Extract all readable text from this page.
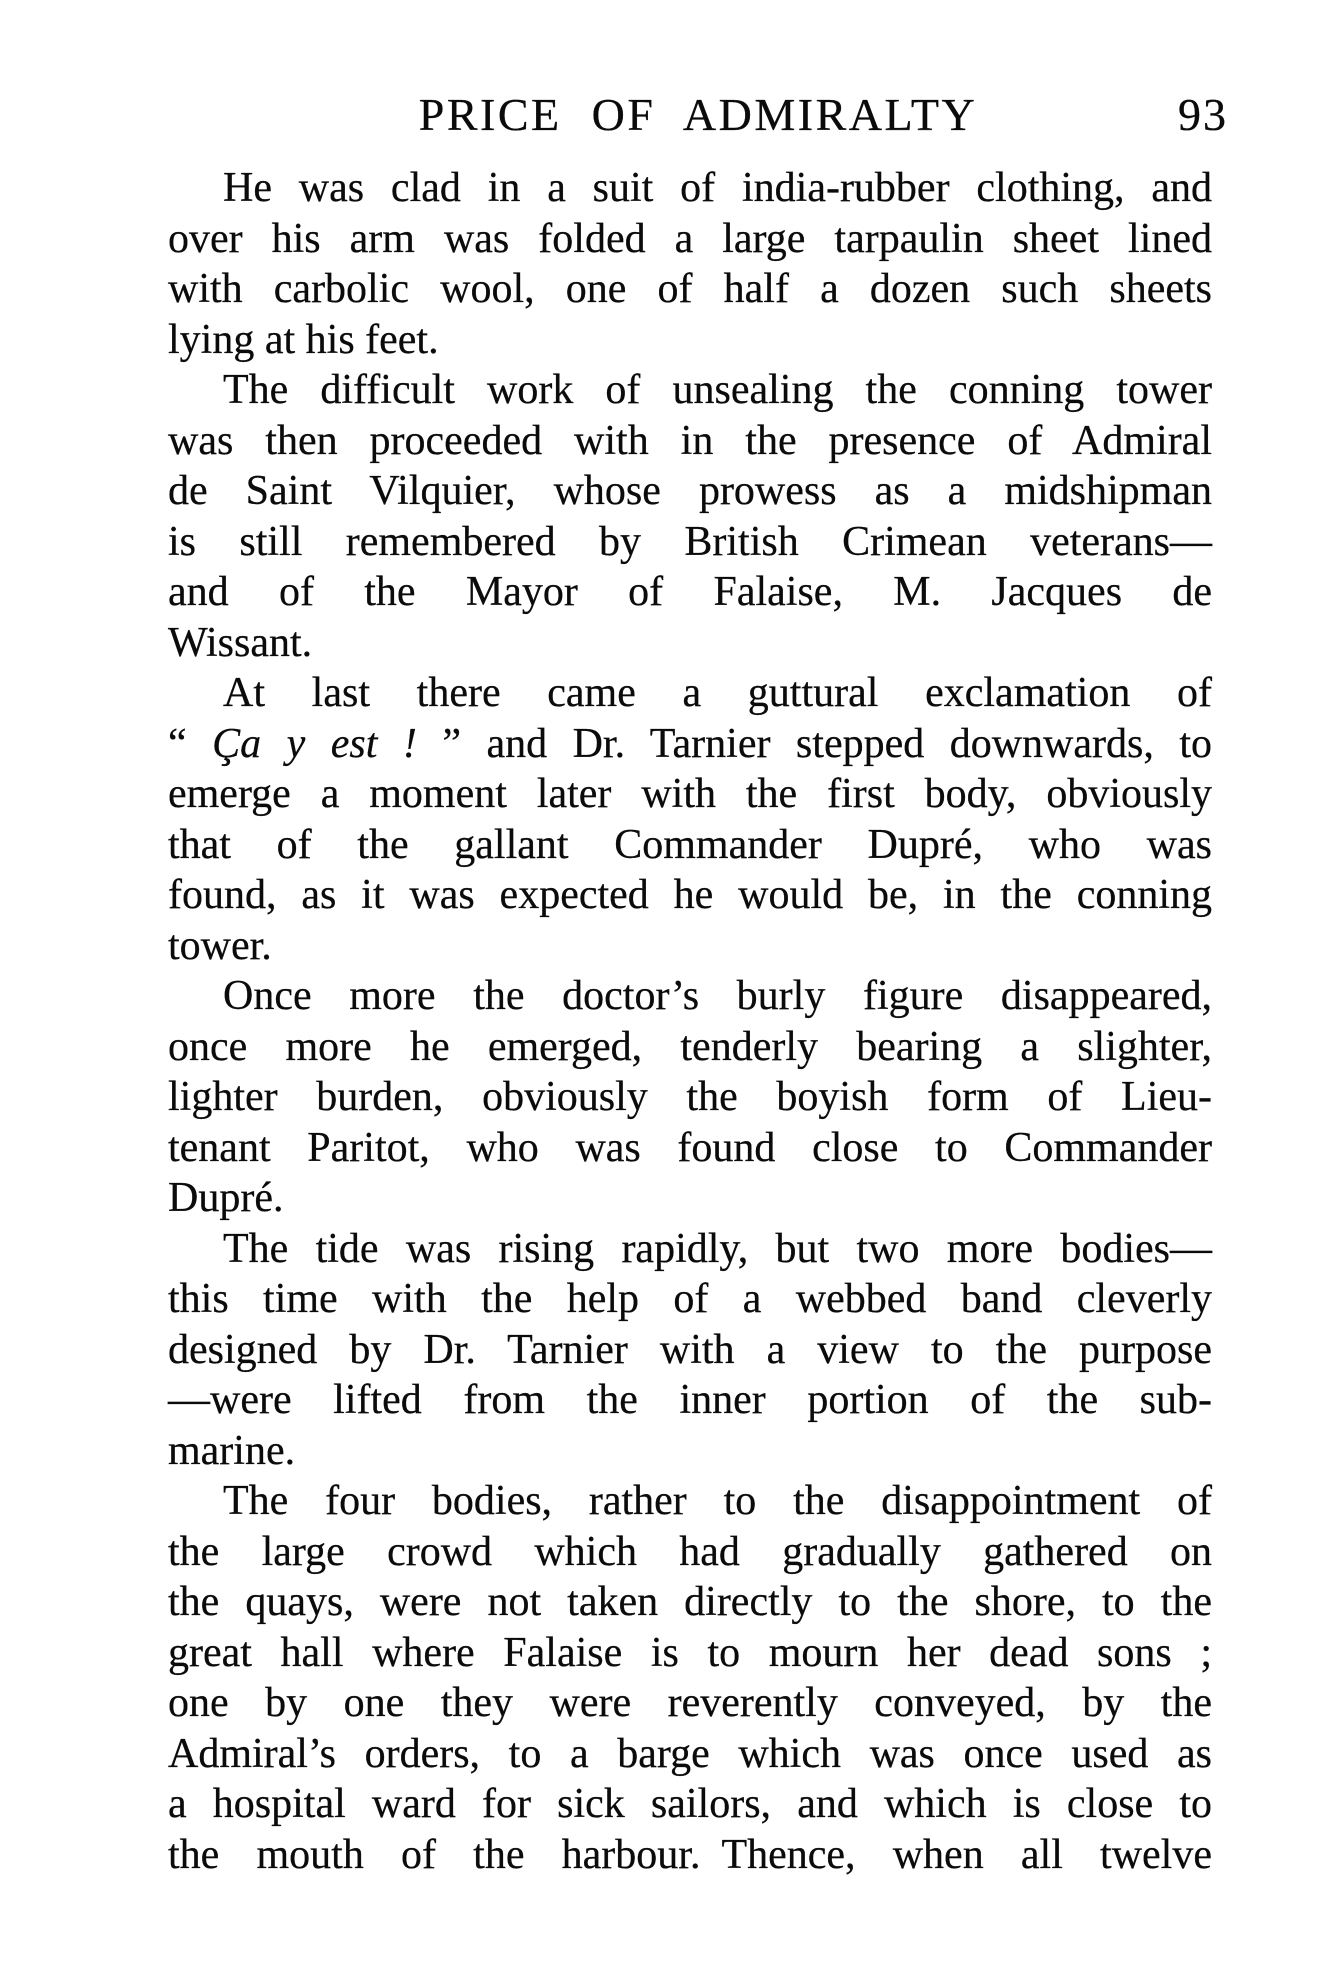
PRICE OF ADMIRALTY	93
He was clad in a suit of india-rubber clothing, and
over his arm was folded a large tarpaulin sheet lined
with carbolic wool, one of half a dozen such sheets
lying at his feet.
The difficult work of unsealing the conning tower
was then proceeded with in the presence of Admiral
de Saint Vilquier, whose prowess as a midshipman
is still remembered by British Crimean veterans—
and of the Mayor of Falaise, M. Jacques de
Wissant.
At last there came a guttural exclamation of
“ Ça y est ! ” and Dr. Tarnier stepped downwards, to
emerge a moment later with the first body, obviously
that of the gallant Commander Dupré, who was
found, as it was expected he would be, in the conning
tower.
Once more the doctor’s burly figure disappeared,
once more he emerged, tenderly bearing a slighter,
lighter burden, obviously the boyish form of Lieu-
tenant Paritot, who was found close to Commander
Dupré.
The tide was rising rapidly, but two more bodies—
this time with the help of a webbed band cleverly
designed by Dr. Tarnier with a view to the purpose
—were lifted from the inner portion of the sub-
marine.
The four bodies, rather to the disappointment of
the large crowd which had gradually gathered on
the quays, were not taken directly to the shore, to the
great hall where Falaise is to mourn her dead sons ;
one by one they were reverently conveyed, by the
Admiral’s orders, to a barge which was once used as
a hospital ward for sick sailors, and which is close to
the mouth of the harbour. Thence, when all twelve
